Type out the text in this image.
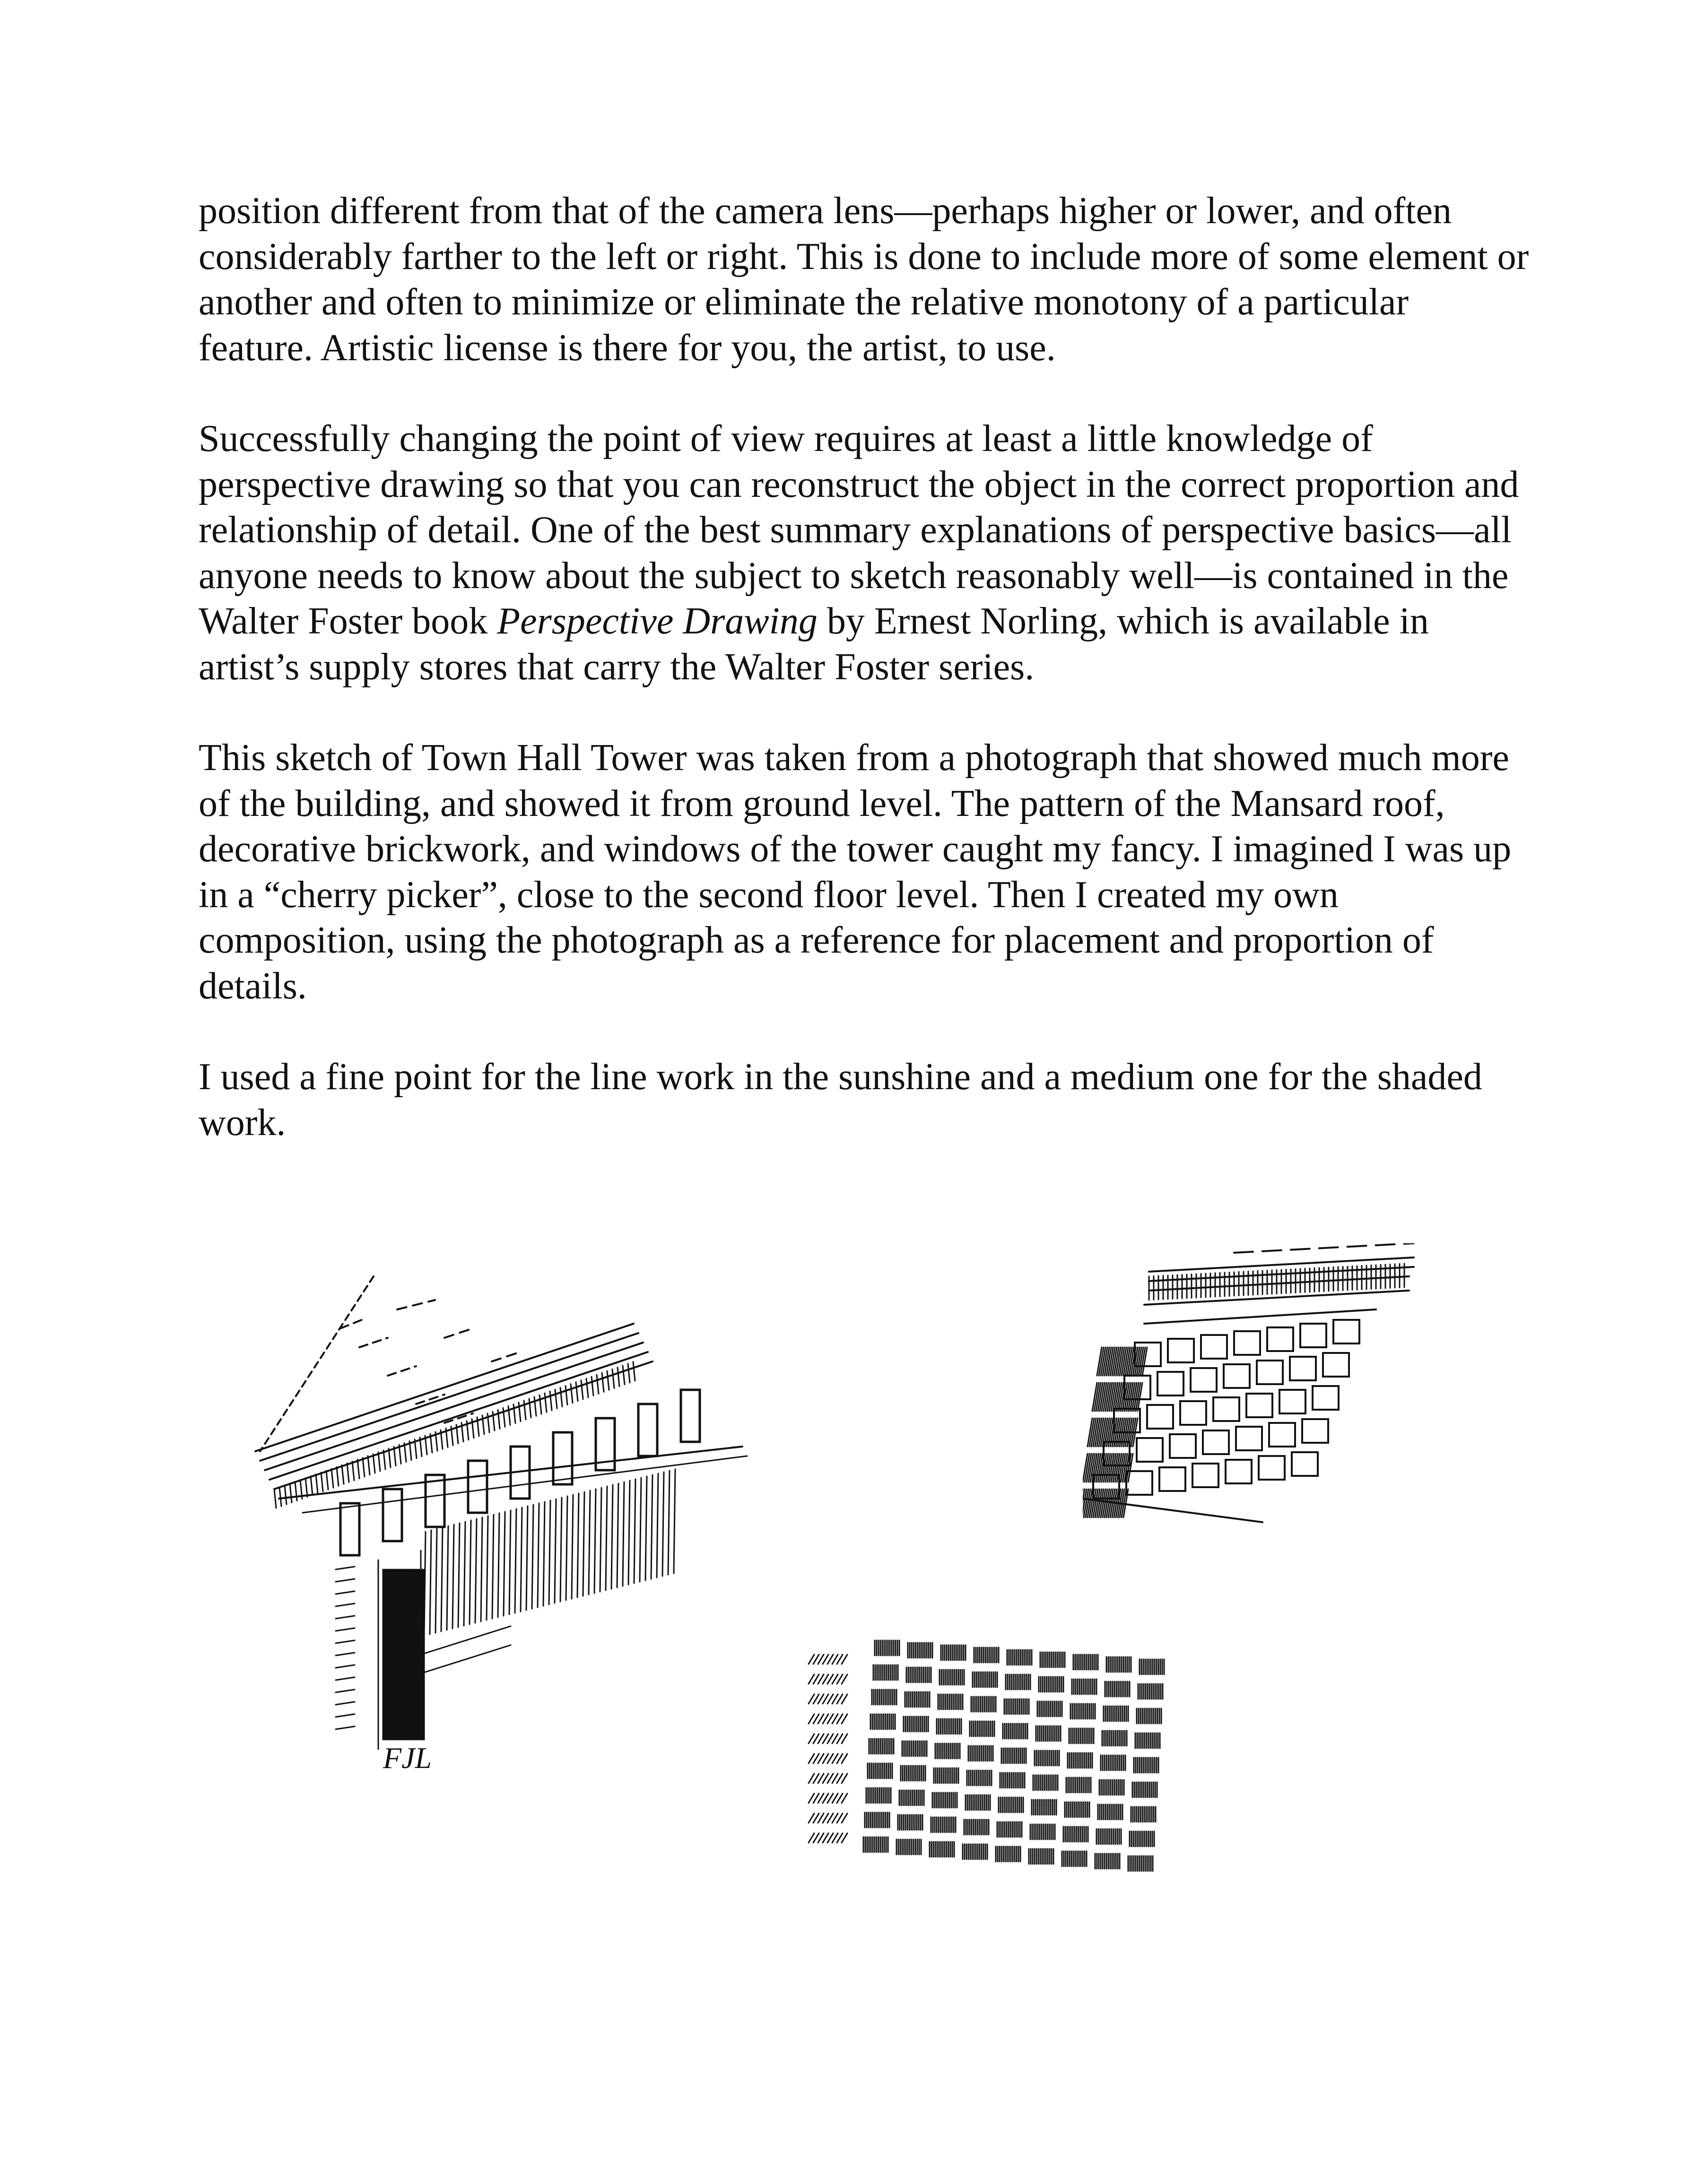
position different from that of the camera lens—perhaps higher or lower, and often considerably farther to the left or right. This is done to include more of some element or another and often to minimize or eliminate the relative monotony of a particular feature. Artistic license is there for you, the artist, to use.

Successfully changing the point of view requires at least a little knowledge of perspective drawing so that you can reconstruct the object in the correct proportion and relationship of detail. One of the best summary explanations of perspective basics—all anyone needs to know about the subject to sketch reasonably well—is contained in the Walter Foster book Perspective Drawing by Ernest Norling, which is available in artist’s supply stores that carry the Walter Foster series.

This sketch of Town Hall Tower was taken from a photograph that showed much more of the building, and showed it from ground level. The pattern of the Mansard roof, decorative brickwork, and windows of the tower caught my fancy. I imagined I was up in a “cherry picker”, close to the second floor level. Then I created my own composition, using the photograph as a reference for placement and proportion of details.

I used a fine point for the line work in the sunshine and a medium one for the shaded work.

FJL
